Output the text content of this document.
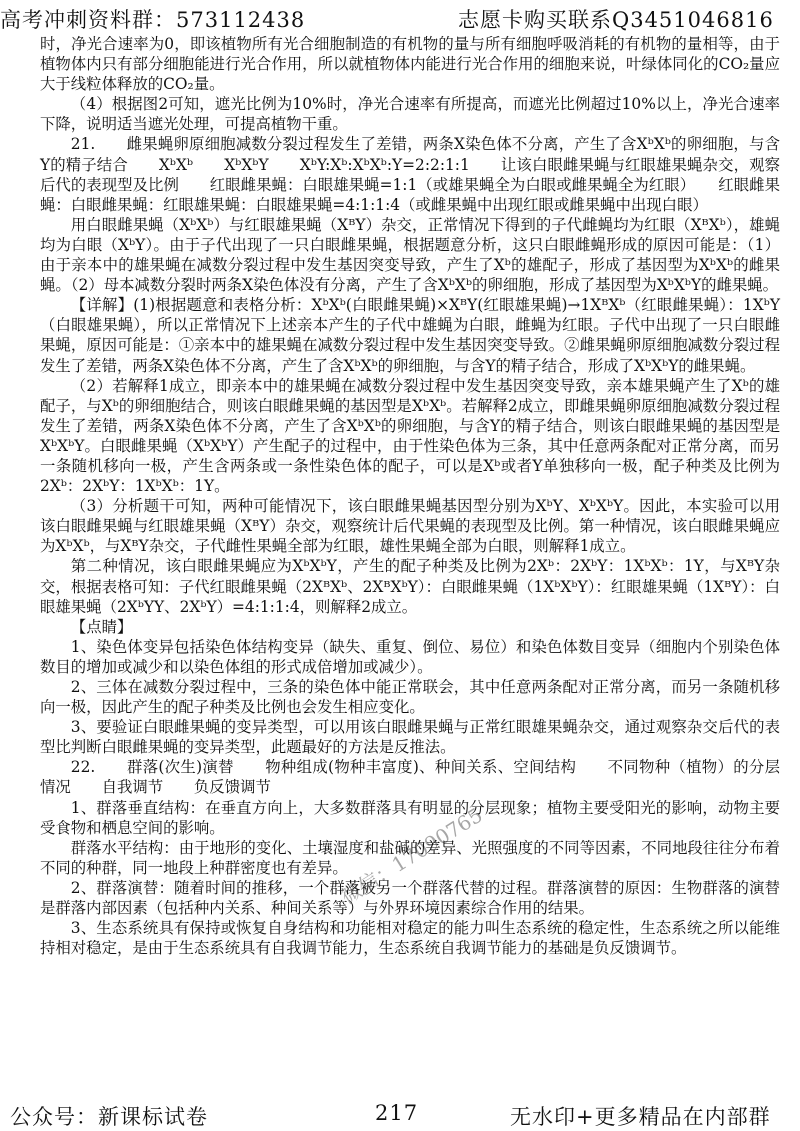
高考冲刺资料群：573112438	志愿卡购买联系Q3451046816

时，净光合速率为0，即该植物所有光合细胞制造的有机物的量与所有细胞呼吸消耗的有机物的量相等，由于植物体内只有部分细胞能进行光合作用，所以就植物体内能进行光合作用的细胞来说，叶绿体同化的CO₂量应大于线粒体释放的CO₂量。

（4）根据图2可知，遮光比例为10%时，净光合速率有所提高，而遮光比例超过10%以上，净光合速率下降，说明适当遮光处理，可提高植物干重。

21.　　雌果蝇卵原细胞减数分裂过程发生了差错，两条X染色体不分离，产生了含XᵇXᵇ的卵细胞，与含Y的精子结合　　XᵇXᵇ　　XᵇXᵇY　　XᵇY:Xᵇ:XᵇXᵇ:Y=2:2:1:1　　让该白眼雌果蝇与红眼雄果蝇杂交，观察后代的表现型及比例　　红眼雌果蝇：白眼雄果蝇=1:1（或雄果蝇全为白眼或雌果蝇全为红眼）　　红眼雌果蝇：白眼雌果蝇：红眼雄果蝇：白眼雄果蝇=4:1:1:4（或雌果蝇中出现红眼或雌果蝇中出现白眼）

用白眼雌果蝇（XᵇXᵇ）与红眼雄果蝇（XᴮY）杂交，正常情况下得到的子代雌蝇均为红眼（XᴮXᵇ），雄蝇均为白眼（XᵇY）。由于子代出现了一只白眼雌果蝇，根据题意分析，这只白眼雌蝇形成的原因可能是：（1）由于亲本中的雄果蝇在减数分裂过程中发生基因突变导致，产生了Xᵇ的雄配子，形成了基因型为XᵇXᵇ的雌果蝇。（2）母本减数分裂时两条X染色体没有分离，产生了含XᵇXᵇ的卵细胞，形成了基因型为XᵇXᵇY的雌果蝇。

【详解】(1)根据题意和表格分析：XᵇXᵇ(白眼雌果蝇)×XᴮY(红眼雄果蝇)→1XᴮXᵇ（红眼雌果蝇）：1XᵇY（白眼雄果蝇），所以正常情况下上述亲本产生的子代中雄蝇为白眼，雌蝇为红眼。子代中出现了一只白眼雌果蝇，原因可能是：①亲本中的雄果蝇在减数分裂过程中发生基因突变导致。②雌果蝇卵原细胞减数分裂过程发生了差错，两条X染色体不分离，产生了含XᵇXᵇ的卵细胞，与含Y的精子结合，形成了XᵇXᵇY的雌果蝇。

（2）若解释1成立，即亲本中的雄果蝇在减数分裂过程中发生基因突变导致，亲本雄果蝇产生了Xᵇ的雄配子，与Xᵇ的卵细胞结合，则该白眼雌果蝇的基因型是XᵇXᵇ。若解释2成立，即雌果蝇卵原细胞减数分裂过程发生了差错，两条X染色体不分离，产生了含XᵇXᵇ的卵细胞，与含Y的精子结合，则该白眼雌果蝇的基因型是XᵇXᵇY。白眼雌果蝇（XᵇXᵇY）产生配子的过程中，由于性染色体为三条，其中任意两条配对正常分离，而另一条随机移向一极，产生含两条或一条性染色体的配子，可以是Xᵇ或者Y单独移向一极，配子种类及比例为2Xᵇ：2XᵇY：1XᵇXᵇ：1Y。

（3）分析题干可知，两种可能情况下，该白眼雌果蝇基因型分别为XᵇY、XᵇXᵇY。因此，本实验可以用该白眼雌果蝇与红眼雄果蝇（XᴮY）杂交，观察统计后代果蝇的表现型及比例。第一种情况，该白眼雌果蝇应为XᵇXᵇ，与XᴮY杂交，子代雌性果蝇全部为红眼，雄性果蝇全部为白眼，则解释1成立。

第二种情况，该白眼雌果蝇应为XᵇXᵇY，产生的配子种类及比例为2Xᵇ：2XᵇY：1XᵇXᵇ：1Y，与XᴮY杂交，根据表格可知：子代红眼雌果蝇（2XᴮXᵇ、2XᴮXᵇY）：白眼雌果蝇（1XᵇXᵇY）：红眼雄果蝇（1XᴮY）：白眼雄果蝇（2XᵇYY、2XᵇY）=4:1:1:4，则解释2成立。

【点睛】

1、染色体变异包括染色体结构变异（缺失、重复、倒位、易位）和染色体数目变异（细胞内个别染色体数目的增加或减少和以染色体组的形式成倍增加或减少）。

2、三体在减数分裂过程中，三条的染色体中能正常联会，其中任意两条配对正常分离，而另一条随机移向一极，因此产生的配子种类及比例也会发生相应变化。

3、要验证白眼雌果蝇的变异类型，可以用该白眼雌果蝇与正常红眼雄果蝇杂交，通过观察杂交后代的表型比判断白眼雌果蝇的变异类型，此题最好的方法是反推法。

22.　　群落(次生)演替　　物种组成(物种丰富度)、种间关系、空间结构　　不同物种（植物）的分层情况　　自我调节　　负反馈调节

1、群落垂直结构：在垂直方向上，大多数群落具有明显的分层现象；植物主要受阳光的影响，动物主要受食物和栖息空间的影响。

群落水平结构：由于地形的变化、土壤湿度和盐碱的差异、光照强度的不同等因素，不同地段往往分布着不同的种群，同一地段上种群密度也有差异。

2、群落演替：随着时间的推移，一个群落被另一个群落代替的过程。群落演替的原因：生物群落的演替是群落内部因素（包括种内关系、种间关系等）与外界环境因素综合作用的结果。

3、生态系统具有保持或恢复自身结构和功能相对稳定的能力叫生态系统的稳定性，生态系统之所以能维持相对稳定，是由于生态系统具有自我调节能力，生态系统自我调节能力的基础是负反馈调节。

微信：17090765
公众号：新课标试卷	217	无水印+更多精品在内部群
